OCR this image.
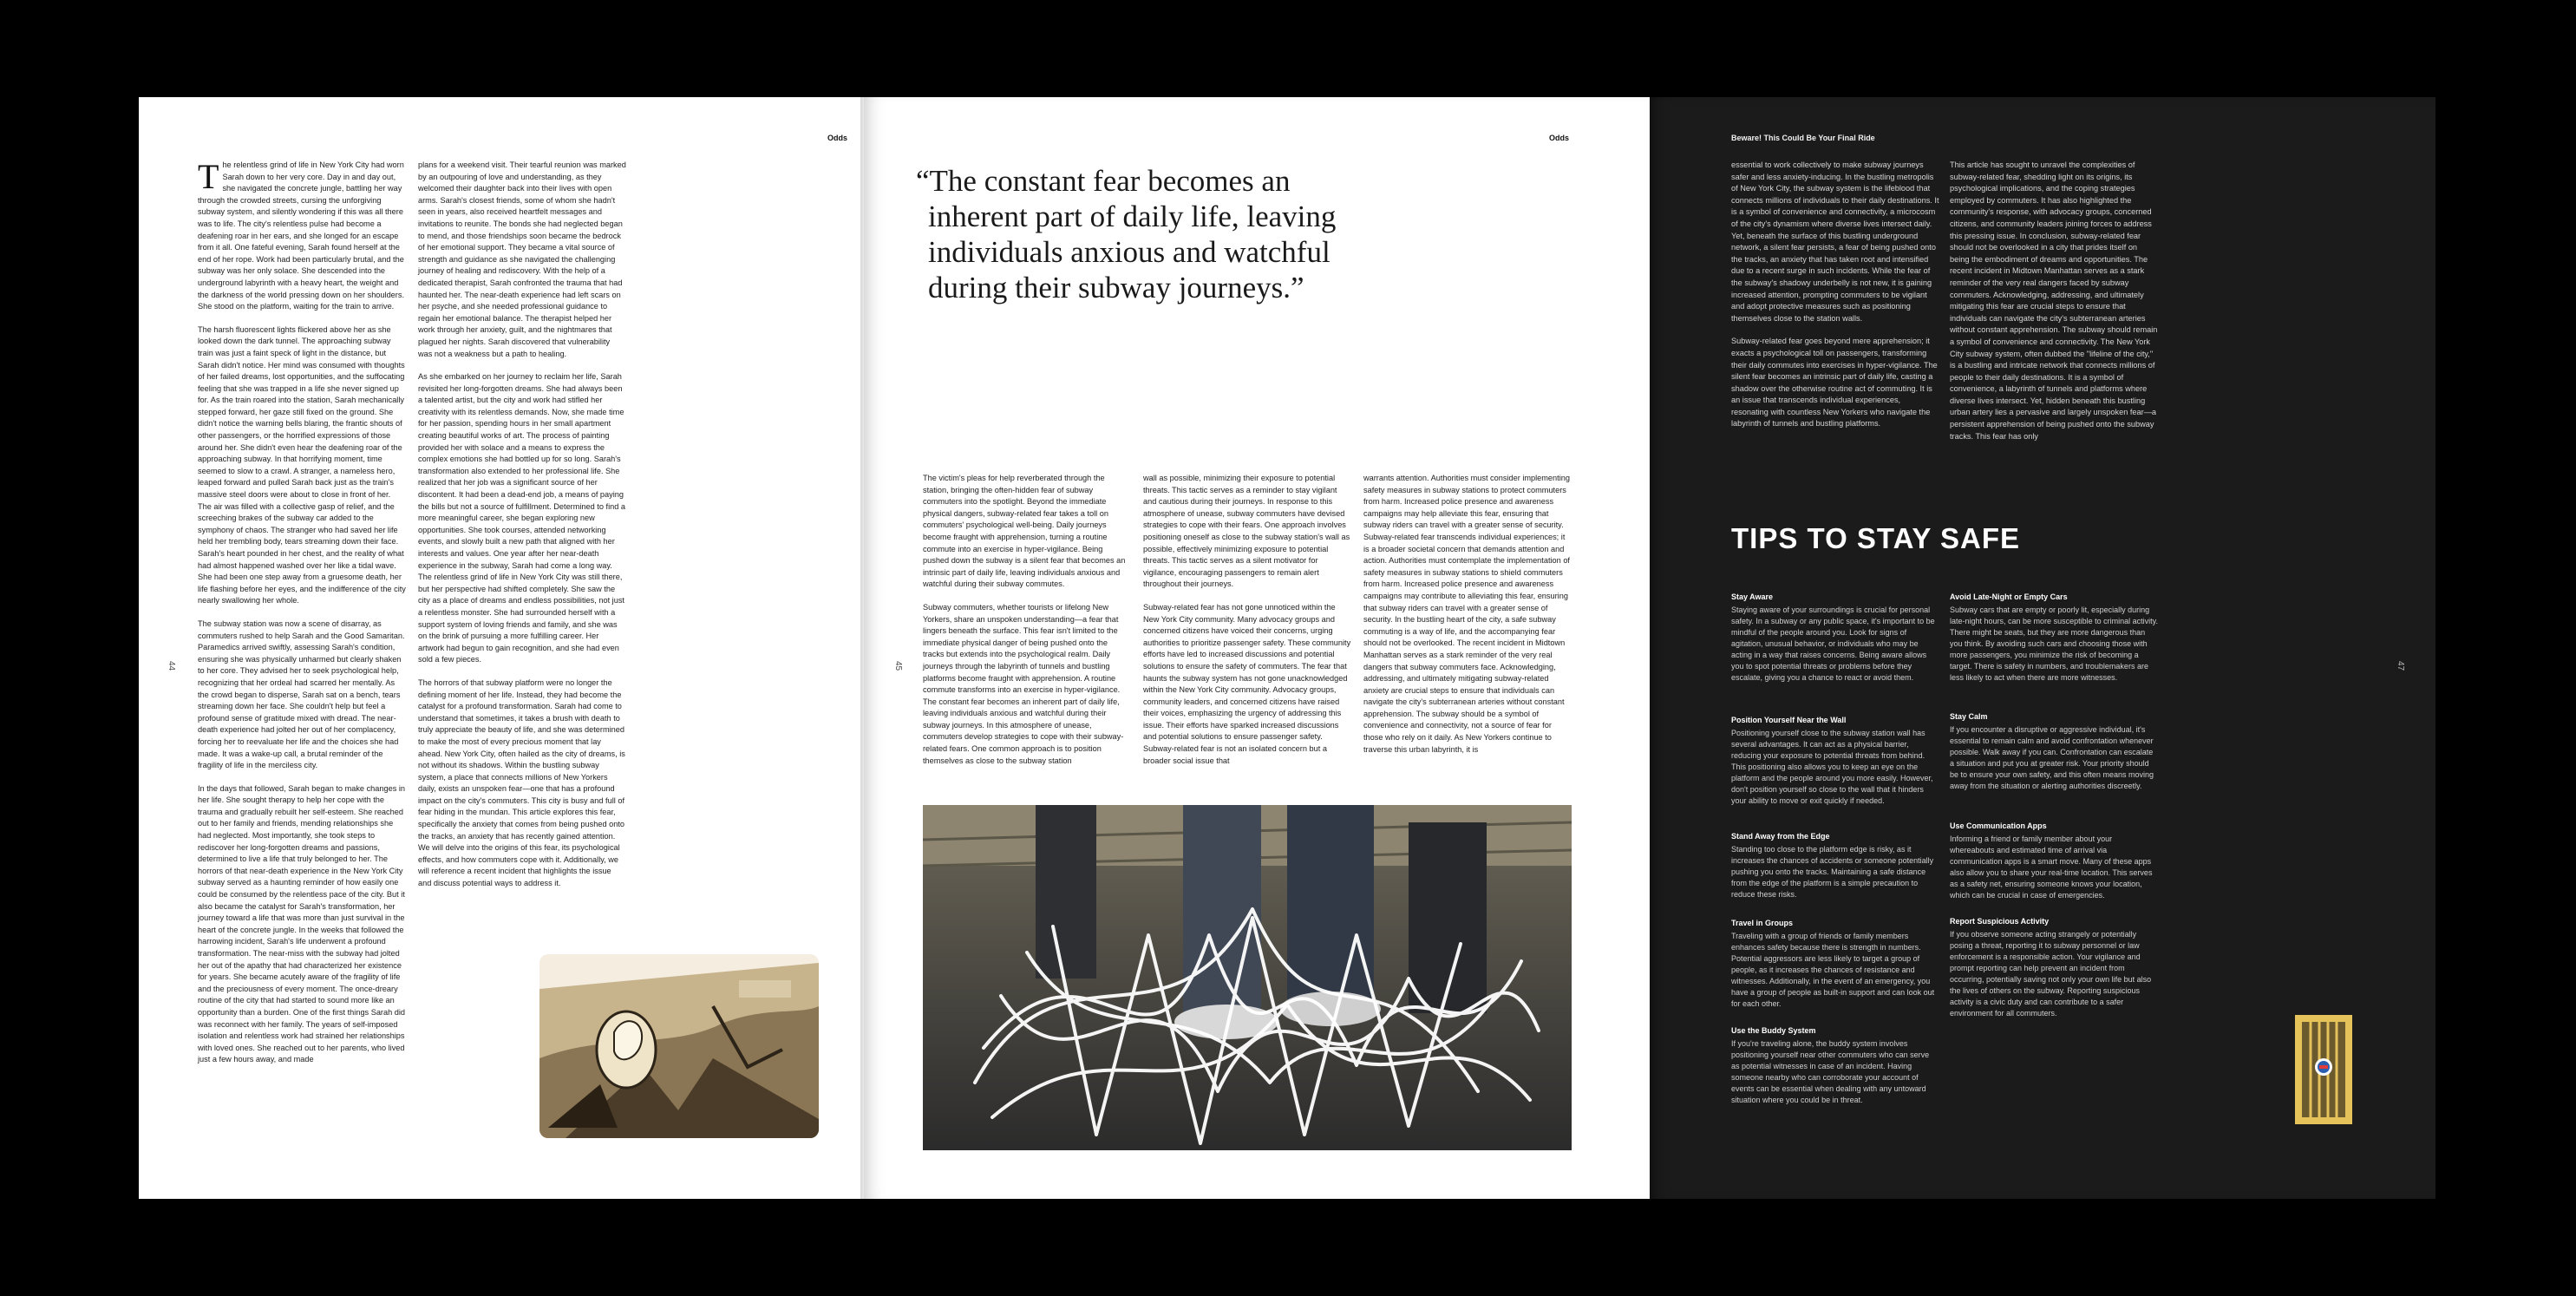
Odds
44

The relentless grind of life in New York City had worn Sarah down to her very core. Day in and day out, she navigated the concrete jungle, battling her way through the crowded streets, cursing the unforgiving subway system, and silently wondering if this was all there was to life. The city's relentless pulse had become a deafening roar in her ears, and she longed for an escape from it all. One fateful evening, Sarah found herself at the end of her rope. Work had been particularly brutal, and the subway was her only solace. She descended into the underground labyrinth with a heavy heart, the weight and the darkness of the world pressing down on her shoulders. She stood on the platform, waiting for the train to arrive.

The harsh fluorescent lights flickered above her as she looked down the dark tunnel. The approaching subway train was just a faint speck of light in the distance, but Sarah didn't notice. Her mind was consumed with thoughts of her failed dreams, lost opportunities, and the suffocating feeling that she was trapped in a life she never signed up for. As the train roared into the station, Sarah mechanically stepped forward, her gaze still fixed on the ground. She didn't notice the warning bells blaring, the frantic shouts of other passengers, or the horrified expressions of those around her. She didn't even hear the deafening roar of the approaching subway. In that horrifying moment, time seemed to slow to a crawl. A stranger, a nameless hero, leaped forward and pulled Sarah back just as the train's massive steel doors were about to close in front of her. The air was filled with a collective gasp of relief, and the screeching brakes of the subway car added to the symphony of chaos. The stranger who had saved her life held her trembling body, tears streaming down their face. Sarah's heart pounded in her chest, and the reality of what had almost happened washed over her like a tidal wave. She had been one step away from a gruesome death, her life flashing before her eyes, and the indifference of the city nearly swallowing her whole.

The subway station was now a scene of disarray, as commuters rushed to help Sarah and the Good Samaritan. Paramedics arrived swiftly, assessing Sarah's condition, ensuring she was physically unharmed but clearly shaken to her core. They advised her to seek psychological help, recognizing that her ordeal had scarred her mentally. As the crowd began to disperse, Sarah sat on a bench, tears streaming down her face. She couldn't help but feel a profound sense of gratitude mixed with dread. The near-death experience had jolted her out of her complacency, forcing her to reevaluate her life and the choices she had made. It was a wake-up call, a brutal reminder of the fragility of life in the merciless city.

In the days that followed, Sarah began to make changes in her life. She sought therapy to help her cope with the trauma and gradually rebuilt her self-esteem. She reached out to her family and friends, mending relationships she had neglected. Most importantly, she took steps to rediscover her long-forgotten dreams and passions, determined to live a life that truly belonged to her. The horrors of that near-death experience in the New York City subway served as a haunting reminder of how easily one could be consumed by the relentless pace of the city. But it also became the catalyst for Sarah's transformation, her journey toward a life that was more than just survival in the heart of the concrete jungle. In the weeks that followed the harrowing incident, Sarah's life underwent a profound transformation. The near-miss with the subway had jolted her out of the apathy that had characterized her existence for years. She became acutely aware of the fragility of life and the preciousness of every moment. The once-dreary routine of the city that had started to sound more like an opportunity than a burden. One of the first things Sarah did was reconnect with her family. The years of self-imposed isolation and relentless work had strained her relationships with loved ones. She reached out to her parents, who lived just a few hours away, and made

plans for a weekend visit. Their tearful reunion was marked by an outpouring of love and understanding, as they welcomed their daughter back into their lives with open arms. Sarah's closest friends, some of whom she hadn't seen in years, also received heartfelt messages and invitations to reunite. The bonds she had neglected began to mend, and those friendships soon became the bedrock of her emotional support. They became a vital source of strength and guidance as she navigated the challenging journey of healing and rediscovery. With the help of a dedicated therapist, Sarah confronted the trauma that had haunted her. The near-death experience had left scars on her psyche, and she needed professional guidance to regain her emotional balance. The therapist helped her work through her anxiety, guilt, and the nightmares that plagued her nights. Sarah discovered that vulnerability was not a weakness but a path to healing.

As she embarked on her journey to reclaim her life, Sarah revisited her long-forgotten dreams. She had always been a talented artist, but the city and work had stifled her creativity with its relentless demands. Now, she made time for her passion, spending hours in her small apartment creating beautiful works of art. The process of painting provided her with solace and a means to express the complex emotions she had bottled up for so long. Sarah's transformation also extended to her professional life. She realized that her job was a significant source of her discontent. It had been a dead-end job, a means of paying the bills but not a source of fulfillment. Determined to find a more meaningful career, she began exploring new opportunities. She took courses, attended networking events, and slowly built a new path that aligned with her interests and values. One year after her near-death experience in the subway, Sarah had come a long way. The relentless grind of life in New York City was still there, but her perspective had shifted completely. She saw the city as a place of dreams and endless possibilities, not just a relentless monster. She had surrounded herself with a support system of loving friends and family, and she was on the brink of pursuing a more fulfilling career. Her artwork had begun to gain recognition, and she had even sold a few pieces.

The horrors of that subway platform were no longer the defining moment of her life. Instead, they had become the catalyst for a profound transformation. Sarah had come to understand that sometimes, it takes a brush with death to truly appreciate the beauty of life, and she was determined to make the most of every precious moment that lay ahead. New York City, often hailed as the city of dreams, is not without its shadows. Within the bustling subway system, a place that connects millions of New Yorkers daily, exists an unspoken fear—one that has a profound impact on the city's commuters. This city is busy and full of fear hiding in the mundan. This article explores this fear, specifically the anxiety that comes from being pushed onto the tracks, an anxiety that has recently gained attention. We will delve into the origins of this fear, its psychological effects, and how commuters cope with it. Additionally, we will reference a recent incident that highlights the issue and discuss potential ways to address it.

Odds
45
“The constant fear becomes an inherent part of daily life, leaving individuals anxious and watchful during their subway journeys.”

The victim's pleas for help reverberated through the station, bringing the often-hidden fear of subway commuters into the spotlight. Beyond the immediate physical dangers, subway-related fear takes a toll on commuters' psychological well-being. Daily journeys become fraught with apprehension, turning a routine commute into an exercise in hyper-vigilance. Being pushed down the subway is a silent fear that becomes an intrinsic part of daily life, leaving individuals anxious and watchful during their subway commutes.

Subway commuters, whether tourists or lifelong New Yorkers, share an unspoken understanding—a fear that lingers beneath the surface. This fear isn't limited to the immediate physical danger of being pushed onto the tracks but extends into the psychological realm. Daily journeys through the labyrinth of tunnels and bustling platforms become fraught with apprehension. A routine commute transforms into an exercise in hyper-vigilance. The constant fear becomes an inherent part of daily life, leaving individuals anxious and watchful during their subway journeys. In this atmosphere of unease, commuters develop strategies to cope with their subway-related fears. One common approach is to position themselves as close to the subway station

wall as possible, minimizing their exposure to potential threats. This tactic serves as a reminder to stay vigilant and cautious during their journeys. In response to this atmosphere of unease, subway commuters have devised strategies to cope with their fears. One approach involves positioning oneself as close to the subway station's wall as possible, effectively minimizing exposure to potential threats. This tactic serves as a silent motivator for vigilance, encouraging passengers to remain alert throughout their journeys.

Subway-related fear has not gone unnoticed within the New York City community. Many advocacy groups and concerned citizens have voiced their concerns, urging authorities to prioritize passenger safety. These community efforts have led to increased discussions and potential solutions to ensure the safety of commuters. The fear that haunts the subway system has not gone unacknowledged within the New York City community. Advocacy groups, community leaders, and concerned citizens have raised their voices, emphasizing the urgency of addressing this issue. Their efforts have sparked increased discussions and potential solutions to ensure passenger safety. Subway-related fear is not an isolated concern but a broader social issue that

warrants attention. Authorities must consider implementing safety measures in subway stations to protect commuters from harm. Increased police presence and awareness campaigns may help alleviate this fear, ensuring that subway riders can travel with a greater sense of security. Subway-related fear transcends individual experiences; it is a broader societal concern that demands attention and action. Authorities must contemplate the implementation of safety measures in subway stations to shield commuters from harm. Increased police presence and awareness campaigns may contribute to alleviating this fear, ensuring that subway riders can travel with a greater sense of security. In the bustling heart of the city, a safe subway commuting is a way of life, and the accompanying fear should not be overlooked. The recent incident in Midtown Manhattan serves as a stark reminder of the very real dangers that subway commuters face. Acknowledging, addressing, and ultimately mitigating subway-related anxiety are crucial steps to ensure that individuals can navigate the city's subterranean arteries without constant apprehension. The subway should be a symbol of convenience and connectivity, not a source of fear for those who rely on it daily. As New Yorkers continue to traverse this urban labyrinth, it is

Beware! This Could Be Your Final Ride
47

essential to work collectively to make subway journeys safer and less anxiety-inducing. In the bustling metropolis of New York City, the subway system is the lifeblood that connects millions of individuals to their daily destinations. It is a symbol of convenience and connectivity, a microcosm of the city's dynamism where diverse lives intersect daily. Yet, beneath the surface of this bustling underground network, a silent fear persists, a fear of being pushed onto the tracks, an anxiety that has taken root and intensified due to a recent surge in such incidents. While the fear of the subway's shadowy underbelly is not new, it is gaining increased attention, prompting commuters to be vigilant and adopt protective measures such as positioning themselves close to the station walls.

Subway-related fear goes beyond mere apprehension; it exacts a psychological toll on passengers, transforming their daily commutes into exercises in hyper-vigilance. The silent fear becomes an intrinsic part of daily life, casting a shadow over the otherwise routine act of commuting. It is an issue that transcends individual experiences, resonating with countless New Yorkers who navigate the labyrinth of tunnels and bustling platforms.

This article has sought to unravel the complexities of subway-related fear, shedding light on its origins, its psychological implications, and the coping strategies employed by commuters. It has also highlighted the community's response, with advocacy groups, concerned citizens, and community leaders joining forces to address this pressing issue. In conclusion, subway-related fear should not be overlooked in a city that prides itself on being the embodiment of dreams and opportunities. The recent incident in Midtown Manhattan serves as a stark reminder of the very real dangers faced by subway commuters. Acknowledging, addressing, and ultimately mitigating this fear are crucial steps to ensure that individuals can navigate the city's subterranean arteries without constant apprehension. The subway should remain a symbol of convenience and connectivity. The New York City subway system, often dubbed the "lifeline of the city," is a bustling and intricate network that connects millions of people to their daily destinations. It is a symbol of convenience, a labyrinth of tunnels and platforms where diverse lives intersect. Yet, hidden beneath this bustling urban artery lies a pervasive and largely unspoken fear—a persistent apprehension of being pushed onto the subway tracks. This fear has only

TIPS TO STAY SAFE
Stay Aware

Staying aware of your surroundings is crucial for personal safety. In a subway or any public space, it's important to be mindful of the people around you. Look for signs of agitation, unusual behavior, or individuals who may be acting in a way that raises concerns. Being aware allows you to spot potential threats or problems before they escalate, giving you a chance to react or avoid them.

Position Yourself Near the Wall

Positioning yourself close to the subway station wall has several advantages. It can act as a physical barrier, reducing your exposure to potential threats from behind. This positioning also allows you to keep an eye on the platform and the people around you more easily. However, don't position yourself so close to the wall that it hinders your ability to move or exit quickly if needed.

Stand Away from the Edge

Standing too close to the platform edge is risky, as it increases the chances of accidents or someone potentially pushing you onto the tracks. Maintaining a safe distance from the edge of the platform is a simple precaution to reduce these risks.

Travel in Groups

Traveling with a group of friends or family members enhances safety because there is strength in numbers. Potential aggressors are less likely to target a group of people, as it increases the chances of resistance and witnesses. Additionally, in the event of an emergency, you have a group of people as built-in support and can look out for each other.

Use the Buddy System

If you're traveling alone, the buddy system involves positioning yourself near other commuters who can serve as potential witnesses in case of an incident. Having someone nearby who can corroborate your account of events can be essential when dealing with any untoward situation where you could be in threat.

Avoid Late-Night or Empty Cars

Subway cars that are empty or poorly lit, especially during late-night hours, can be more susceptible to criminal activity. There might be seats, but they are more dangerous than you think. By avoiding such cars and choosing those with more passengers, you minimize the risk of becoming a target. There is safety in numbers, and troublemakers are less likely to act when there are more witnesses.

Stay Calm

If you encounter a disruptive or aggressive individual, it's essential to remain calm and avoid confrontation whenever possible. Walk away if you can. Confrontation can escalate a situation and put you at greater risk. Your priority should be to ensure your own safety, and this often means moving away from the situation or alerting authorities discreetly.

Use Communication Apps

Informing a friend or family member about your whereabouts and estimated time of arrival via communication apps is a smart move. Many of these apps also allow you to share your real-time location. This serves as a safety net, ensuring someone knows your location, which can be crucial in case of emergencies.

Report Suspicious Activity

If you observe someone acting strangely or potentially posing a threat, reporting it to subway personnel or law enforcement is a responsible action. Your vigilance and prompt reporting can help prevent an incident from occurring, potentially saving not only your own life but also the lives of others on the subway. Reporting suspicious activity is a civic duty and can contribute to a safer environment for all commuters.
